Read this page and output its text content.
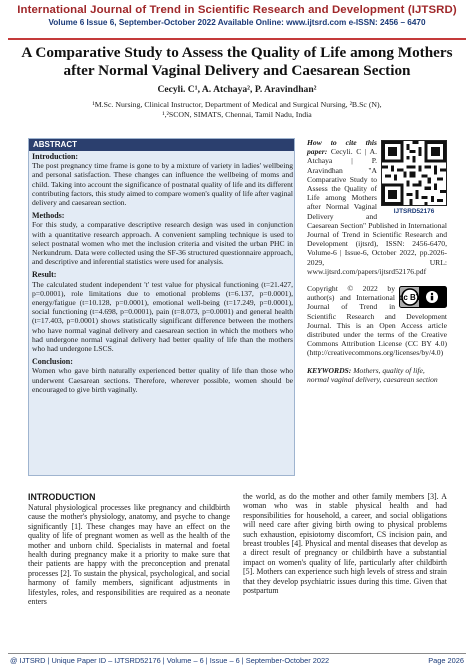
International Journal of Trend in Scientific Research and Development (IJTSRD)
Volume 6 Issue 6, September-October 2022 Available Online: www.ijtsrd.com e-ISSN: 2456 – 6470
A Comparative Study to Assess the Quality of Life among Mothers after Normal Vaginal Delivery and Caesarean Section
Cecyli. C¹, A. Atchaya², P. Aravindhan²
¹M.Sc. Nursing, Clinical Instructor, Department of Medical and Surgical Nursing, ²B.Sc (N),
¹,²SCON, SIMATS, Chennai, Tamil Nadu, India
ABSTRACT
Introduction:
The post pregnancy time frame is gone to by a mixture of variety in ladies' wellbeing and personal satisfaction. These changes can influence the wellbeing of moms and child. Taking into account the significance of postnatal quality of life and its different contributing factors, this study aimed to compare women's quality of life after vaginal delivery and caesarean section.
Methods:
For this study, a comparative descriptive research design was used in conjunction with a quantitative research approach. A convenient sampling technique is used to select postnatal women who met the inclusion criteria and visited the urban PHC in Nerkundrum. Data were collected using the SF-36 structured questionnaire approach, and descriptive and inferential statistics were used for analysis.
Result:
The calculated student independent 't' test value for physical functioning (t=21.427, p=0.0001), role limitations due to emotional problems (t=6.137, p=0.0001), energy/fatigue (t=10.128, p=0.0001), emotional well-being (t=17.249, p=0.0001), social functioning (t=4.698, p=0.0001), pain (t=8.073, p=0.0001) and general health (t=17.403, p=0.0001) shows statistically significant difference between the mothers who have normal vaginal delivery and caesarean section in which the mothers who had undergone normal vaginal delivery had better quality of life than the mothers who had undergone LSCS.
Conclusion:
Women who gave birth naturally experienced better quality of life than those who underwent Caesarean sections. Therefore, wherever possible, women should be encouraged to give birth vaginally.
IJTSRD52176
How to cite this paper: Cecyli. C | A. Atchaya | P. Aravindhan "A Comparative Study to Assess the Quality of Life among Mothers after Normal Vaginal Delivery and Caesarean Section" Published in International Journal of Trend in Scientific Research and Development (ijtsrd), ISSN: 2456-6470, Volume-6 | Issue-6, October 2022, pp.2026-2029, URL: www.ijtsrd.com/papers/ijtsrd52176.pdf
cc BY
Copyright © 2022 by author(s) and International Journal of Trend in Scientific Research and Development Journal. This is an Open Access article distributed under the terms of the Creative Commons Attribution License (CC BY 4.0) (http://creativecommons.org/licenses/by/4.0)
KEYWORDS: Mothers, quality of life, normal vaginal delivery, caesarean section
INTRODUCTION
Natural physiological processes like pregnancy and childbirth cause the mother's physiology, anatomy, and psyche to change significantly [1]. These changes may have an effect on the quality of life of pregnant women as well as the health of the mother and unborn child. Specialists in maternal and foetal health during pregnancy make it a priority to make sure that their patients are happy with the preconception and prenatal processes [2]. To sustain the physical, psychological, and social harmony of family members, significant adjustments in lifestyles, roles, and responsibilities are required as a neonate enters
the world, as do the mother and other family members [3]. A woman who was in stable physical health and had responsibilities for household, a career, and social obligations will need care after giving birth owing to physical problems such exhaustion, episiotomy discomfort, CS incision pain, and breast troubles [4]. Physical and mental diseases that develop as a direct result of pregnancy or childbirth have a substantial impact on women's quality of life, particularly after childbirth [5]. Mothers can experience such high levels of stress and strain that they develop psychiatric issues during this time. Given that postpartum
@ IJTSRD | Unique Paper ID – IJTSRD52176 | Volume – 6 | Issue – 6 | September-October 2022	Page 2026
